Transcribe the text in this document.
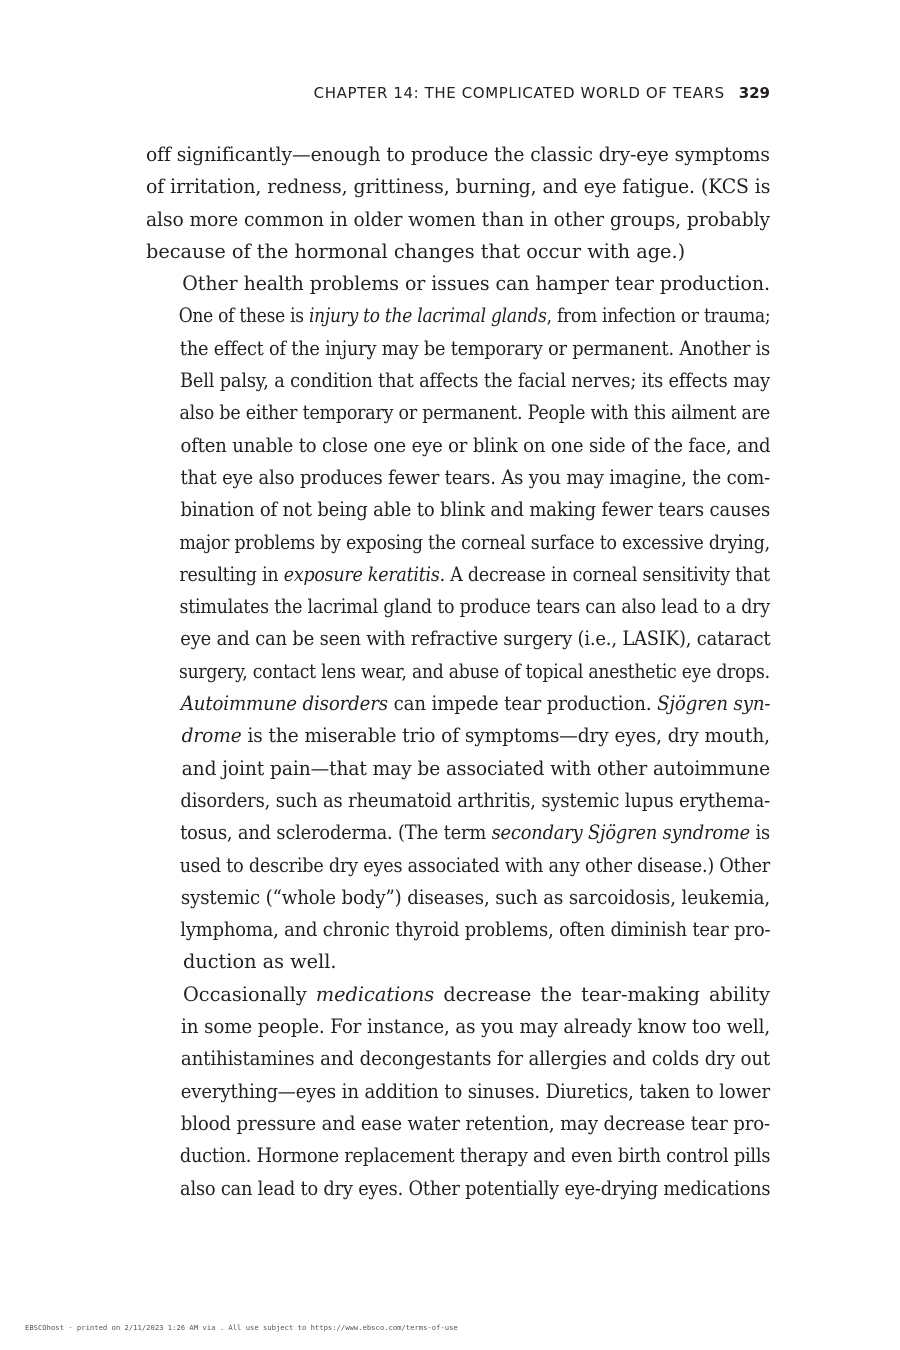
CHAPTER 14: THE COMPLICATED WORLD OF TEARS 329

off significantly—enough to produce the classic dry-eye symptoms
of irritation, redness, grittiness, burning, and eye fatigue. (KCS is
also more common in older women than in other groups, probably
because of the hormonal changes that occur with age.)

Other health problems or issues can hamper tear production.
One of these is injury to the lacrimal glands, from infection or trauma;
the effect of the injury may be temporary or permanent. Another is
Bell palsy, a condition that affects the facial nerves; its effects may
also be either temporary or permanent. People with this ailment are
often unable to close one eye or blink on one side of the face, and
that eye also produces fewer tears. As you may imagine, the com-
bination of not being able to blink and making fewer tears causes
major problems by exposing the corneal surface to excessive drying,
resulting in exposure keratitis. A decrease in corneal sensitivity that
stimulates the lacrimal gland to produce tears can also lead to a dry
eye and can be seen with refractive surgery (i.e., LASIK), cataract
surgery, contact lens wear, and abuse of topical anesthetic eye drops.

Autoimmune disorders can impede tear production. Sjögren syn-
drome is the miserable trio of symptoms—dry eyes, dry mouth,
and joint pain—that may be associated with other autoimmune
disorders, such as rheumatoid arthritis, systemic lupus erythema-
tosus, and scleroderma. (The term secondary Sjögren syndrome is
used to describe dry eyes associated with any other disease.) Other
systemic (“whole body”) diseases, such as sarcoidosis, leukemia,
lymphoma, and chronic thyroid problems, often diminish tear pro-
duction as well.

Occasionally medications decrease the tear-making ability
in some people. For instance, as you may already know too well,
antihistamines and decongestants for allergies and colds dry out
everything—eyes in addition to sinuses. Diuretics, taken to lower
blood pressure and ease water retention, may decrease tear pro-
duction. Hormone replacement therapy and even birth control pills
also can lead to dry eyes. Other potentially eye-drying medications

EBSCOhost - printed on 2/11/2023 1:26 AM via . All use subject to https://www.ebsco.com/terms-of-use
